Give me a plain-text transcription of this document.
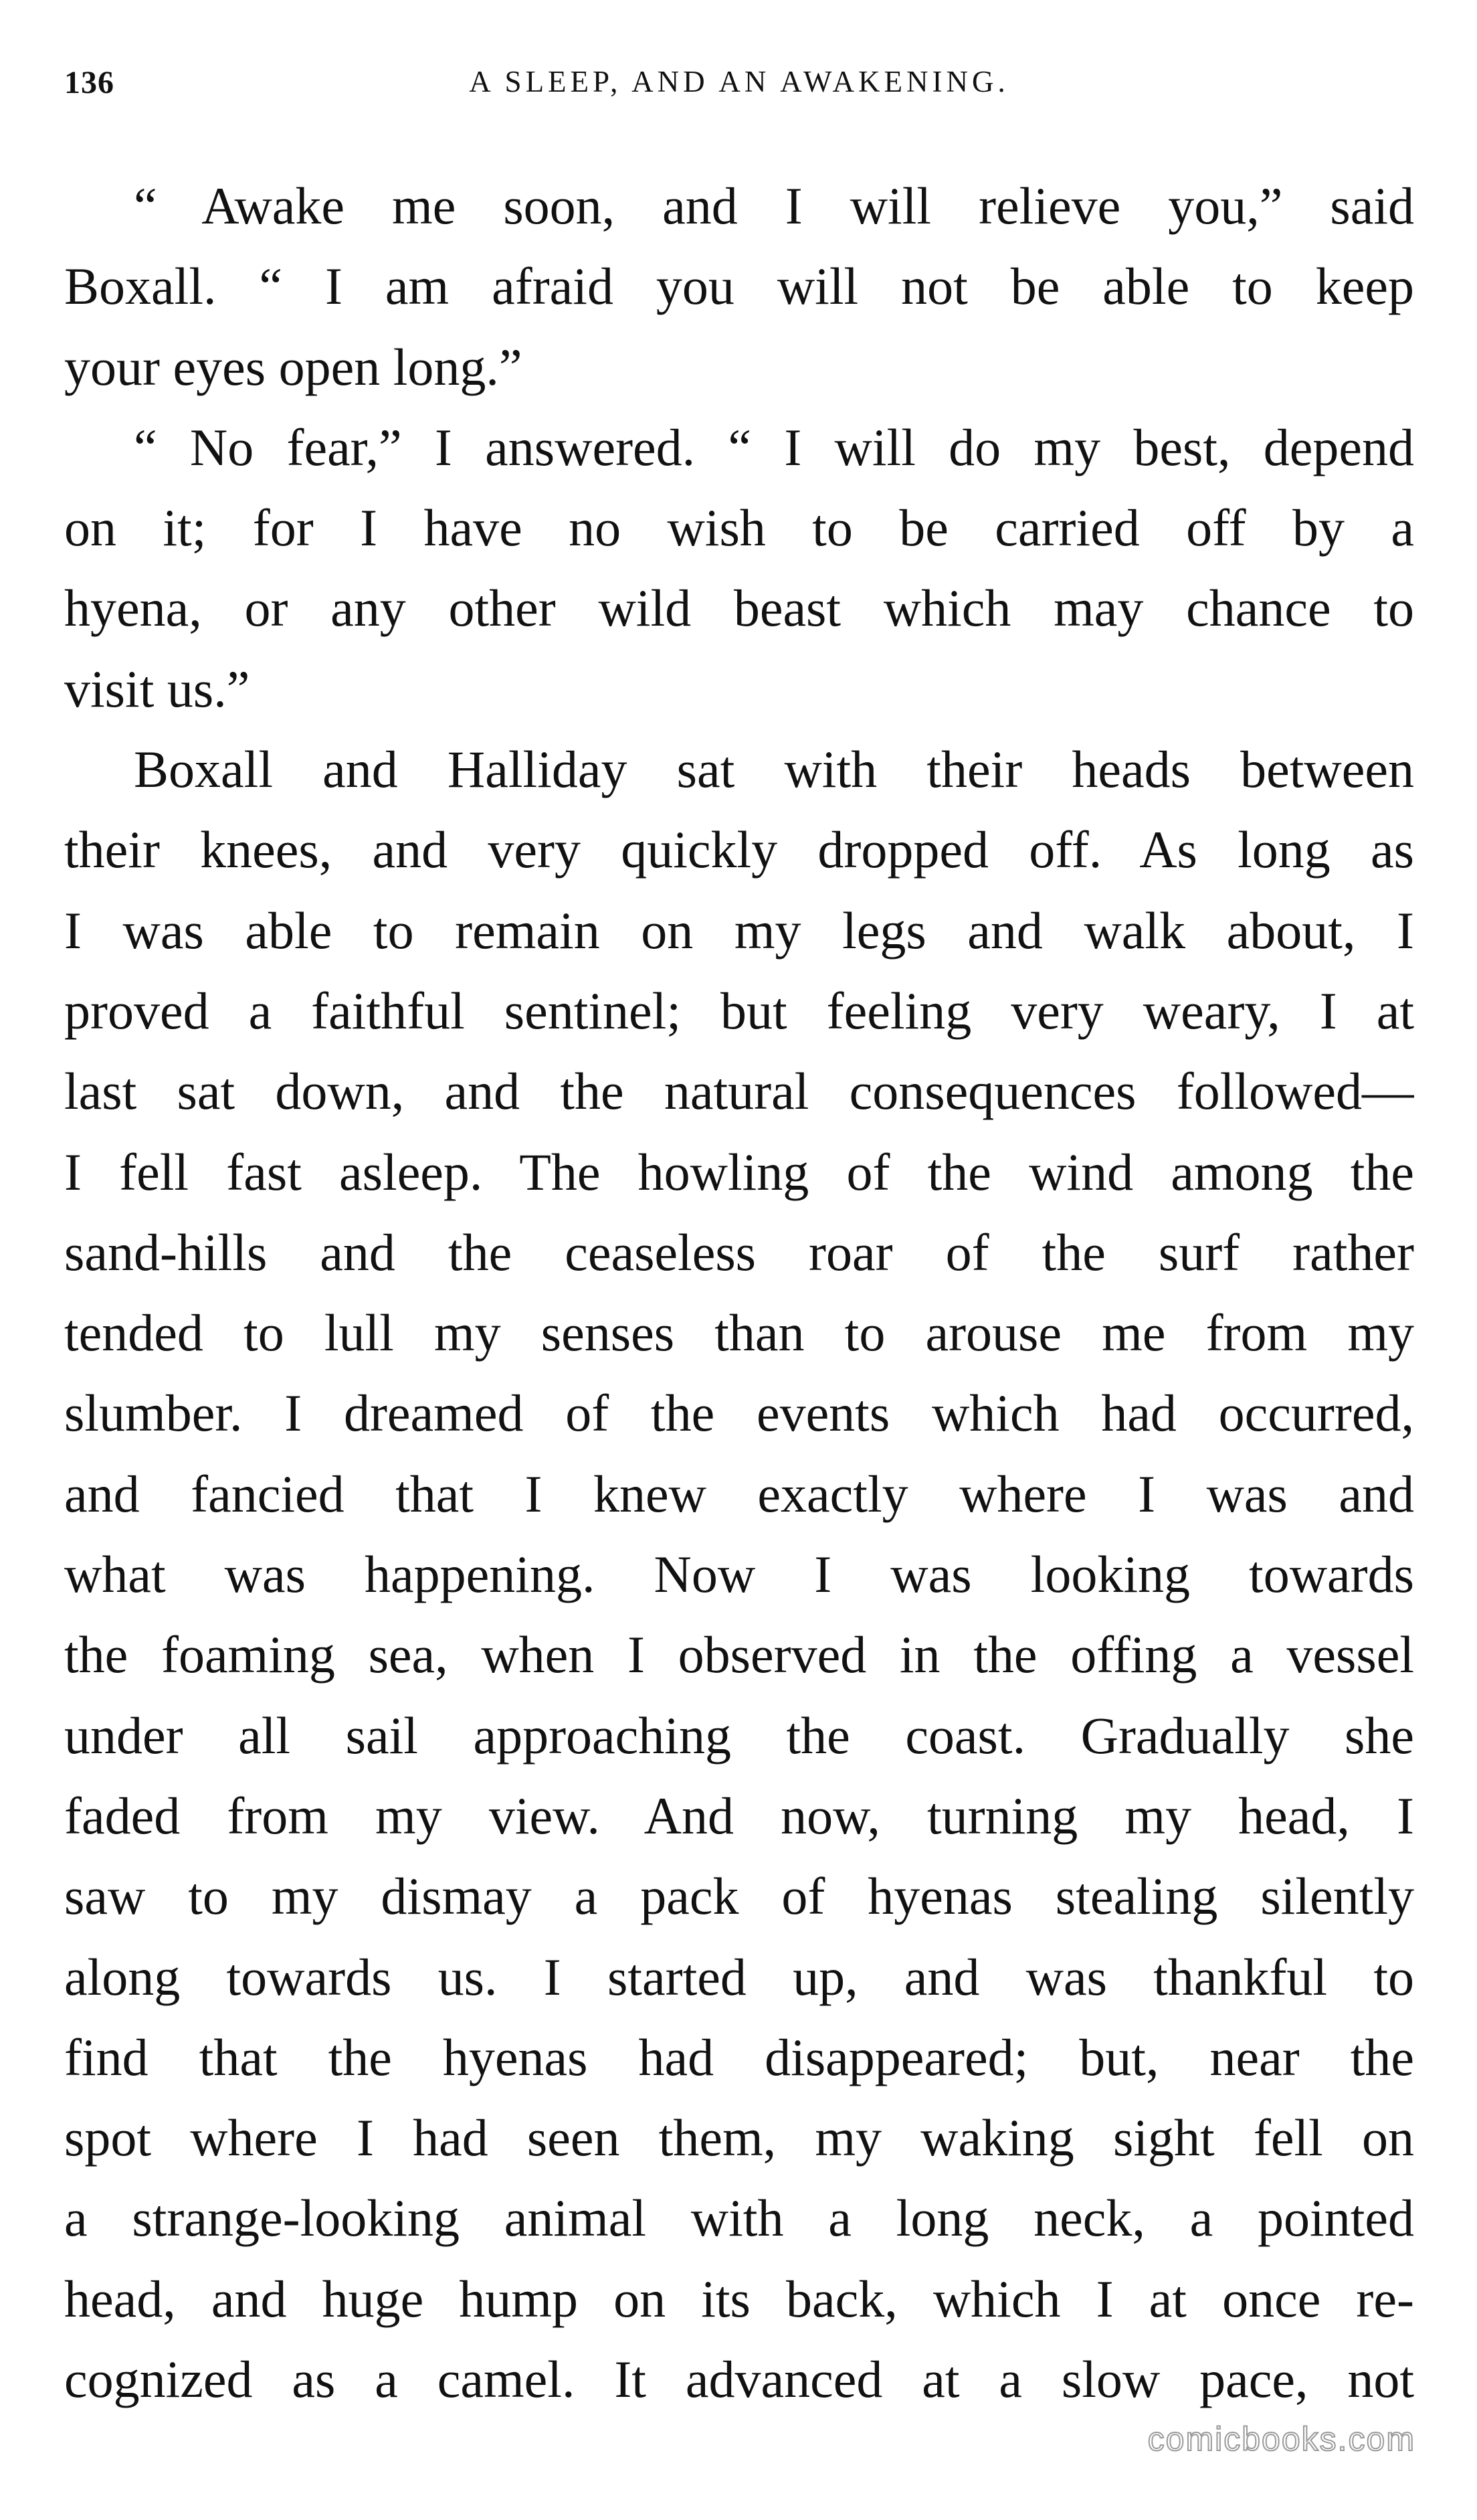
136	A SLEEP, AND AN AWAKENING.
“ Awake me soon, and I will relieve you,” said
Boxall. “ I am afraid you will not be able to keep
your eyes open long.”
“ No fear,” I answered. “ I will do my best, depend
on it; for I have no wish to be carried off by a
hyena, or any other wild beast which may chance to
visit us.”
Boxall and Halliday sat with their heads between
their knees, and very quickly dropped off. As long as
I was able to remain on my legs and walk about, I
proved a faithful sentinel; but feeling very weary, I at
last sat down, and the natural consequences followed—
I fell fast asleep. The howling of the wind among the
sand-hills and the ceaseless roar of the surf rather
tended to lull my senses than to arouse me from my
slumber. I dreamed of the events which had occurred,
and fancied that I knew exactly where I was and
what was happening. Now I was looking towards
the foaming sea, when I observed in the offing a vessel
under all sail approaching the coast. Gradually she
faded from my view. And now, turning my head, I
saw to my dismay a pack of hyenas stealing silently
along towards us. I started up, and was thankful to
find that the hyenas had disappeared; but, near the
spot where I had seen them, my waking sight fell on
a strange-looking animal with a long neck, a pointed
head, and huge hump on its back, which I at once re-
cognized as a camel. It advanced at a slow pace, not
comicbooks.com
